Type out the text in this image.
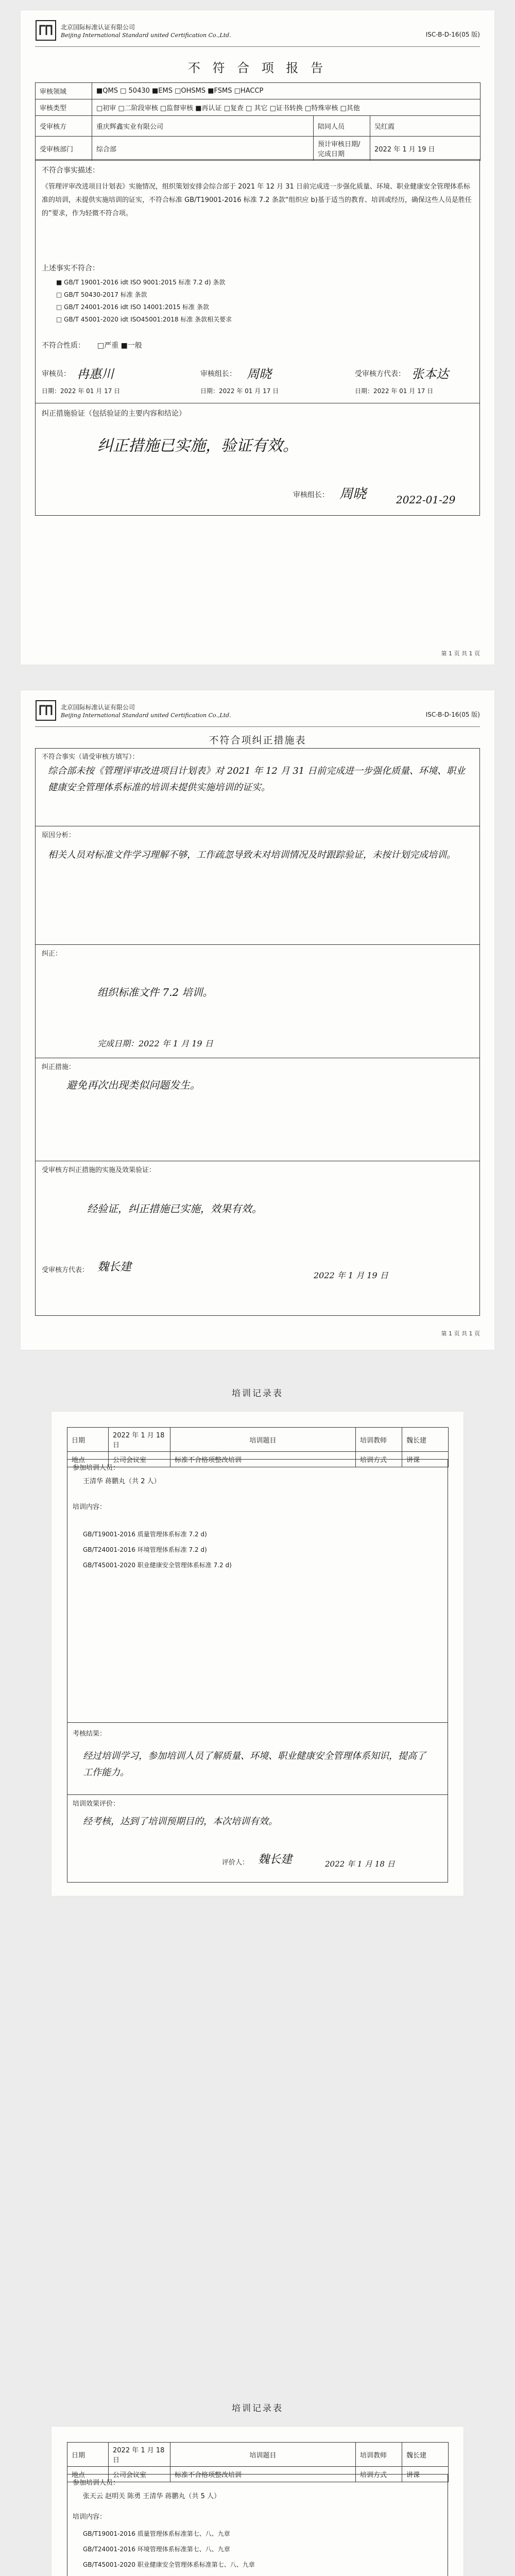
北京国际标准认证有限公司
Beijing International Standard united Certification Co.,Ltd.	ISC-B-D-16(05 版)
不 符 合 项 报 告
审核领域	■QMS □ 50430 ■EMS □OHSMS ■FSMS □HACCP		
审核类型	□初审 □二阶段审核 □监督审核 ■再认证 □复查 □ 其它 □证书转换 □特殊审核 □其他		
受审核方	重庆辉鑫实业有限公司	陪同人员	吴红霞
受审核部门	综合部	预计审核日期/完成日期	2022 年 1 月 19 日
不符合事实描述：
《管理评审改进项目计划表》实施情况，组织策划安排会综合部于 2021 年 12 月 31 日前完成进一步强化质量、环境、职业健康安全管理体系标准的培训，未提供实施培训的证实，不符合标准 GB/T19001-2016 标准 7.2 条款“组织应 b)基于适当的教育、培训或经历，确保这些人员是胜任的”要求，作为轻微不符合项。
上述事实不符合：
■ GB/T 19001-2016 idt ISO 9001:2015 标准 7.2 d) 条款
□ GB/T 50430-2017 标准 条款
□ GB/T 24001-2016 idt ISO 14001:2015 标准 条款
□ GB/T 45001-2020 idt ISO45001:2018 标准 条款相关要求
不符合性质： □严重 ■一般
审核员： 冉惠川
日期：2022 年 01 月 17 日
审核组长： 周晓
日期：2022 年 01 月 17 日
受审核方代表： 张本达
日期：2022 年 01 月 17 日
纠正措施验证（包括验证的主要内容和结论）
纠正措施已实施，验证有效。
审核组长： 周晓	2022-01-29
第 1 页 共 1 页
北京国际标准认证有限公司
Beijing International Standard united Certification Co.,Ltd.	ISC-B-D-16(05 版)
不符合项纠正措施表
不符合事实（请受审核方填写）：
综合部未按《管理评审改进项目计划表》对 2021 年 12 月 31 日前完成进一步强化质量、环境、职业健康安全管理体系标准的培训未提供实施培训的证实。
原因分析：
相关人员对标准文件学习理解不够，工作疏忽导致未对培训情况及时跟踪验证，未按计划完成培训。
纠正：
组织标准文件 7.2 培训。
完成日期：2022 年 1 月 19 日
纠正措施：
避免再次出现类似问题发生。
受审核方纠正措施的实施及效果验证：
经验证，纠正措施已实施，效果有效。
受审核方代表： 魏长建
2022 年 1 月 19 日
第 1 页 共 1 页
培训记录表
日期	2022 年 1 月 18 日	培训题目	培训教师	魏长建
地点	公司会议室	标准不合格项整改培训	培训方式	讲课
参加培训人员：
王清华 蒋鹏丸（共 2 人）
培训内容：
GB/T19001-2016 质量管理体系标准 7.2 d)
GB/T24001-2016 环境管理体系标准 7.2 d)
GB/T45001-2020 职业健康安全管理体系标准 7.2 d)
考核结果：
经过培训学习，参加培训人员了解质量、环境、职业健康安全管理体系知识，提高了工作能力。
培训效果评价：
经考核，达到了培训预期目的，本次培训有效。
评价人： 魏长建	2022 年 1 月 18 日
培训记录表
日期	2022 年 1 月 18 日	培训题目	培训教师	魏长建
地点	公司会议室	标准不合格项整改培训	培训方式	讲课
参加培训人员：
张天云 赵明关 陈勇 王清华 蒋鹏丸（共 5 人）
培训内容：
GB/T19001-2016 质量管理体系标准第七、八、九章
GB/T24001-2016 环境管理体系标准第七、八、九章
GB/T45001-2020 职业健康安全管理体系标准第七、八、九章
